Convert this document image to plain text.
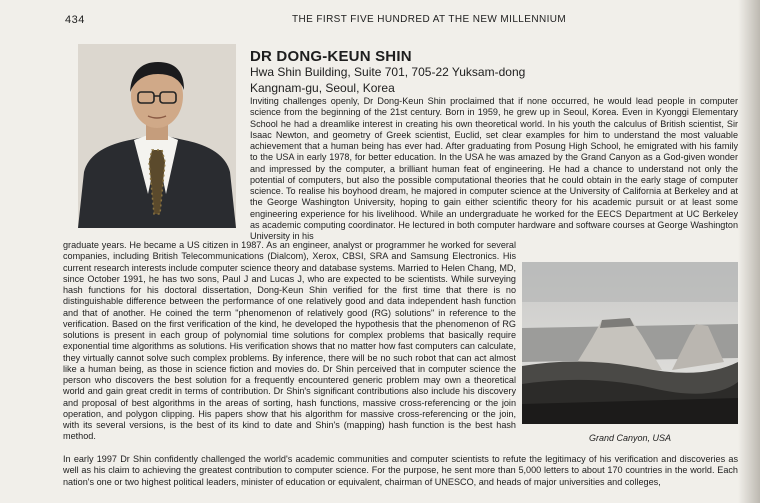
434	THE FIRST FIVE HUNDRED AT THE NEW MILLENNIUM
DR DONG-KEUN SHIN
Hwa Shin Building, Suite 701, 705-22 Yuksam-dong
Kangnam-gu, Seoul, Korea

Inviting challenges openly, Dr Dong-Keun Shin proclaimed that if none occurred, he would lead people in computer science from the beginning of the 21st century. Born in 1959, he grew up in Seoul, Korea. Even in Kyonggi Elementary School he had a dreamlike interest in creating his own theoretical world. In his youth the calculus of British scientist, Sir Isaac Newton, and geometry of Greek scientist, Euclid, set clear examples for him to understand the most valuable achievement that a human being has ever had. After graduating from Posung High School, he emigrated with his family to the USA in early 1978, for better education. In the USA he was amazed by the Grand Canyon as a God-given wonder and impressed by the computer, a brilliant human feat of engineering. He had a chance to understand not only the potential of computers, but also the possible computational theories that he could obtain in the early stage of computer science. To realise his boyhood dream, he majored in computer science at the University of California at Berkeley and at the George Washington University, hoping to gain either scientific theory for his academic pursuit or at least some engineering experience for his livelihood. While an undergraduate he worked for the EECS Department at UC Berkeley as academic computing coordinator. He lectured in both computer hardware and software courses at George Washington University in his

graduate years. He became a US citizen in 1987. As an engineer, analyst or programmer he worked for several companies, including British Telecommunications (Dialcom), Xerox, CBSI, SRA and Samsung Electronics. His current research interests include computer science theory and database systems. Married to Helen Chang, MD, since October 1991, he has two sons, Paul J and Lucas J, who are expected to be scientists. While surveying hash functions for his doctoral dissertation, Dong-Keun Shin verified for the first time that there is no distinguishable difference between the performance of one relatively good and data independent hash function and that of another. He coined the term "phenomenon of relatively good (RG) solutions" in reference to the verification. Based on the first verification of the kind, he developed the hypothesis that the phenomenon of RG solutions is present in each group of polynomial time solutions for complex problems that basically require exponential time algorithms as solutions. His verification shows that no matter how fast computers can calculate, they virtually cannot solve such complex problems. By inference, there will be no such robot that can act almost like a human being, as those in science fiction and movies do. Dr Shin perceived that in computer science the person who discovers the best solution for a frequently encountered generic problem may own a theoretical world and gain great credit in terms of contribution. Dr Shin's significant contributions also include his discovery and proposal of best algorithms in the areas of sorting, hash functions, massive cross-referencing or the join operation, and polygon clipping. His papers show that his algorithm for massive cross-referencing or the join, with its several versions, is the best of its kind to date and Shin's (mapping) hash function is the best hash method.	Grand Canyon, USA

In early 1997 Dr Shin confidently challenged the world's academic communities and computer scientists to refute the legitimacy of his verification and discoveries as well as his claim to achieving the greatest contribution to computer science. For the purpose, he sent more than 5,000 letters to about 170 countries in the world. Each nation's one or two highest political leaders, minister of education or equivalent, chairman of UNESCO, and heads of major universities and colleges,
